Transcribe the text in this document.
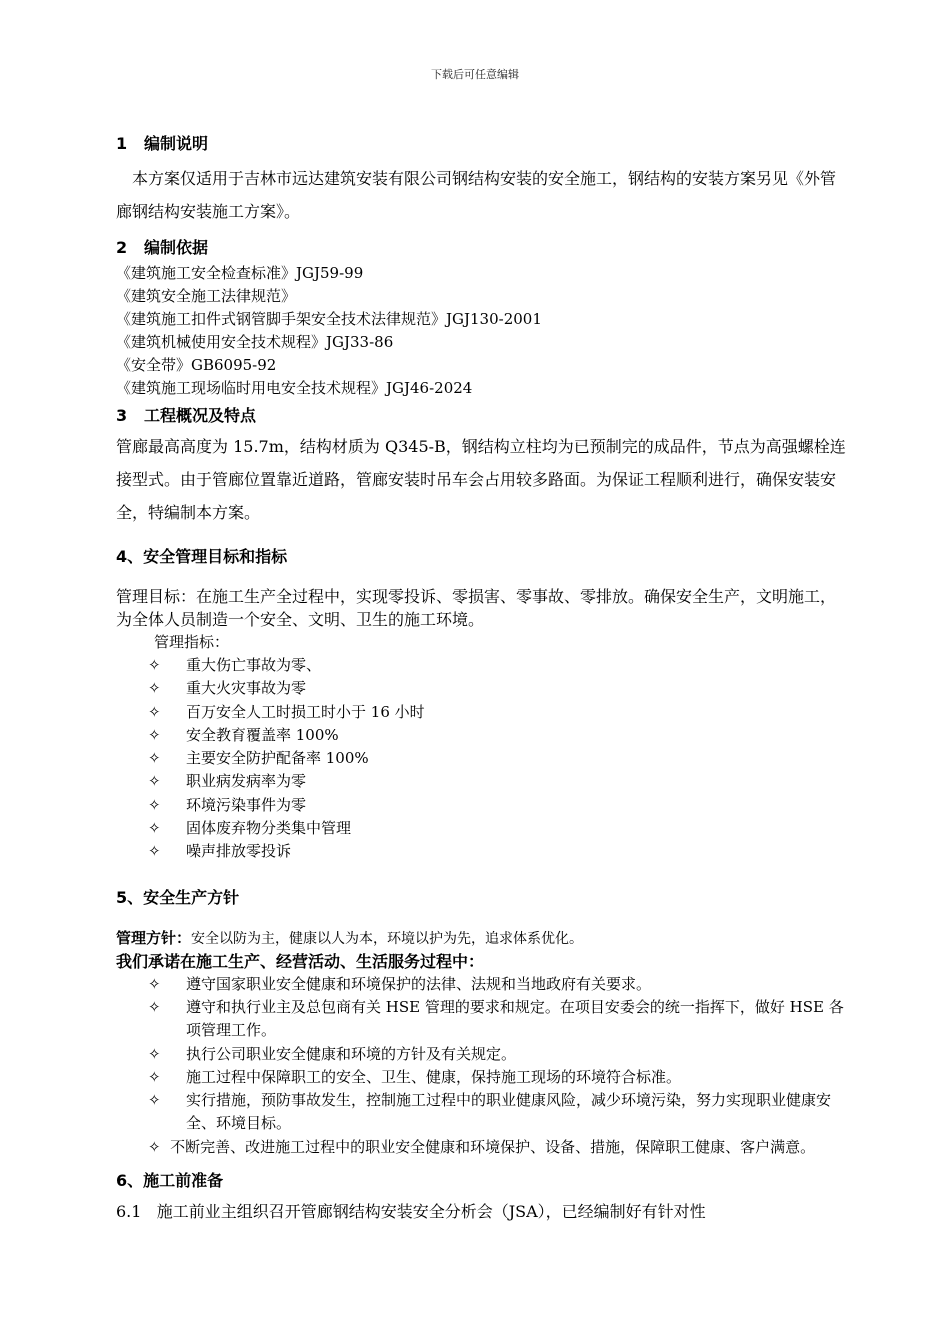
下载后可任意编辑

1 编制说明

本方案仅适用于吉林市远达建筑安装有限公司钢结构安装的安全施工，钢结构的安装方案另见《外管廊钢结构安装施工方案》。

2 编制依据

《建筑施工安全检查标准》JGJ59-99

《建筑安全施工法律规范》

《建筑施工扣件式钢管脚手架安全技术法律规范》JGJ130-2001

《建筑机械使用安全技术规程》JGJ33-86

《安全带》GB6095-92

《建筑施工现场临时用电安全技术规程》JGJ46-2024

3 工程概况及特点

管廊最高高度为 15.7m，结构材质为 Q345-B，钢结构立柱均为已预制完的成品件，节点为高强螺栓连接型式。由于管廊位置靠近道路，管廊安装时吊车会占用较多路面。为保证工程顺利进行，确保安装安全，特编制本方案。

4、安全管理目标和指标

管理目标：在施工生产全过程中，实现零投诉、零损害、零事故、零排放。确保安全生产，文明施工，为全体人员制造一个安全、文明、卫生的施工环境。

管理指标：

✧ 重大伤亡事故为零、
✧ 重大火灾事故为零
✧ 百万安全人工时损工时小于 16 小时
✧ 安全教育覆盖率 100%
✧ 主要安全防护配备率 100%
✧ 职业病发病率为零
✧ 环境污染事件为零
✧ 固体废弃物分类集中管理
✧ 噪声排放零投诉

5、安全生产方针

管理方针：安全以防为主，健康以人为本，环境以护为先，追求体系优化。

我们承诺在施工生产、经营活动、生活服务过程中：

✧ 遵守国家职业安全健康和环境保护的法律、法规和当地政府有关要求。
✧ 遵守和执行业主及总包商有关 HSE 管理的要求和规定。在项目安委会的统一指挥下，做好 HSE 各项管理工作。
✧ 执行公司职业安全健康和环境的方针及有关规定。
✧ 施工过程中保障职工的安全、卫生、健康，保持施工现场的环境符合标准。
✧ 实行措施，预防事故发生，控制施工过程中的职业健康风险，减少环境污染，努力实现职业健康安全、环境目标。

✧ 不断完善、改进施工过程中的职业安全健康和环境保护、设备、措施，保障职工健康、客户满意。

6、施工前准备

6.1 施工前业主组织召开管廊钢结构安装安全分析会（JSA），已经编制好有针对性
